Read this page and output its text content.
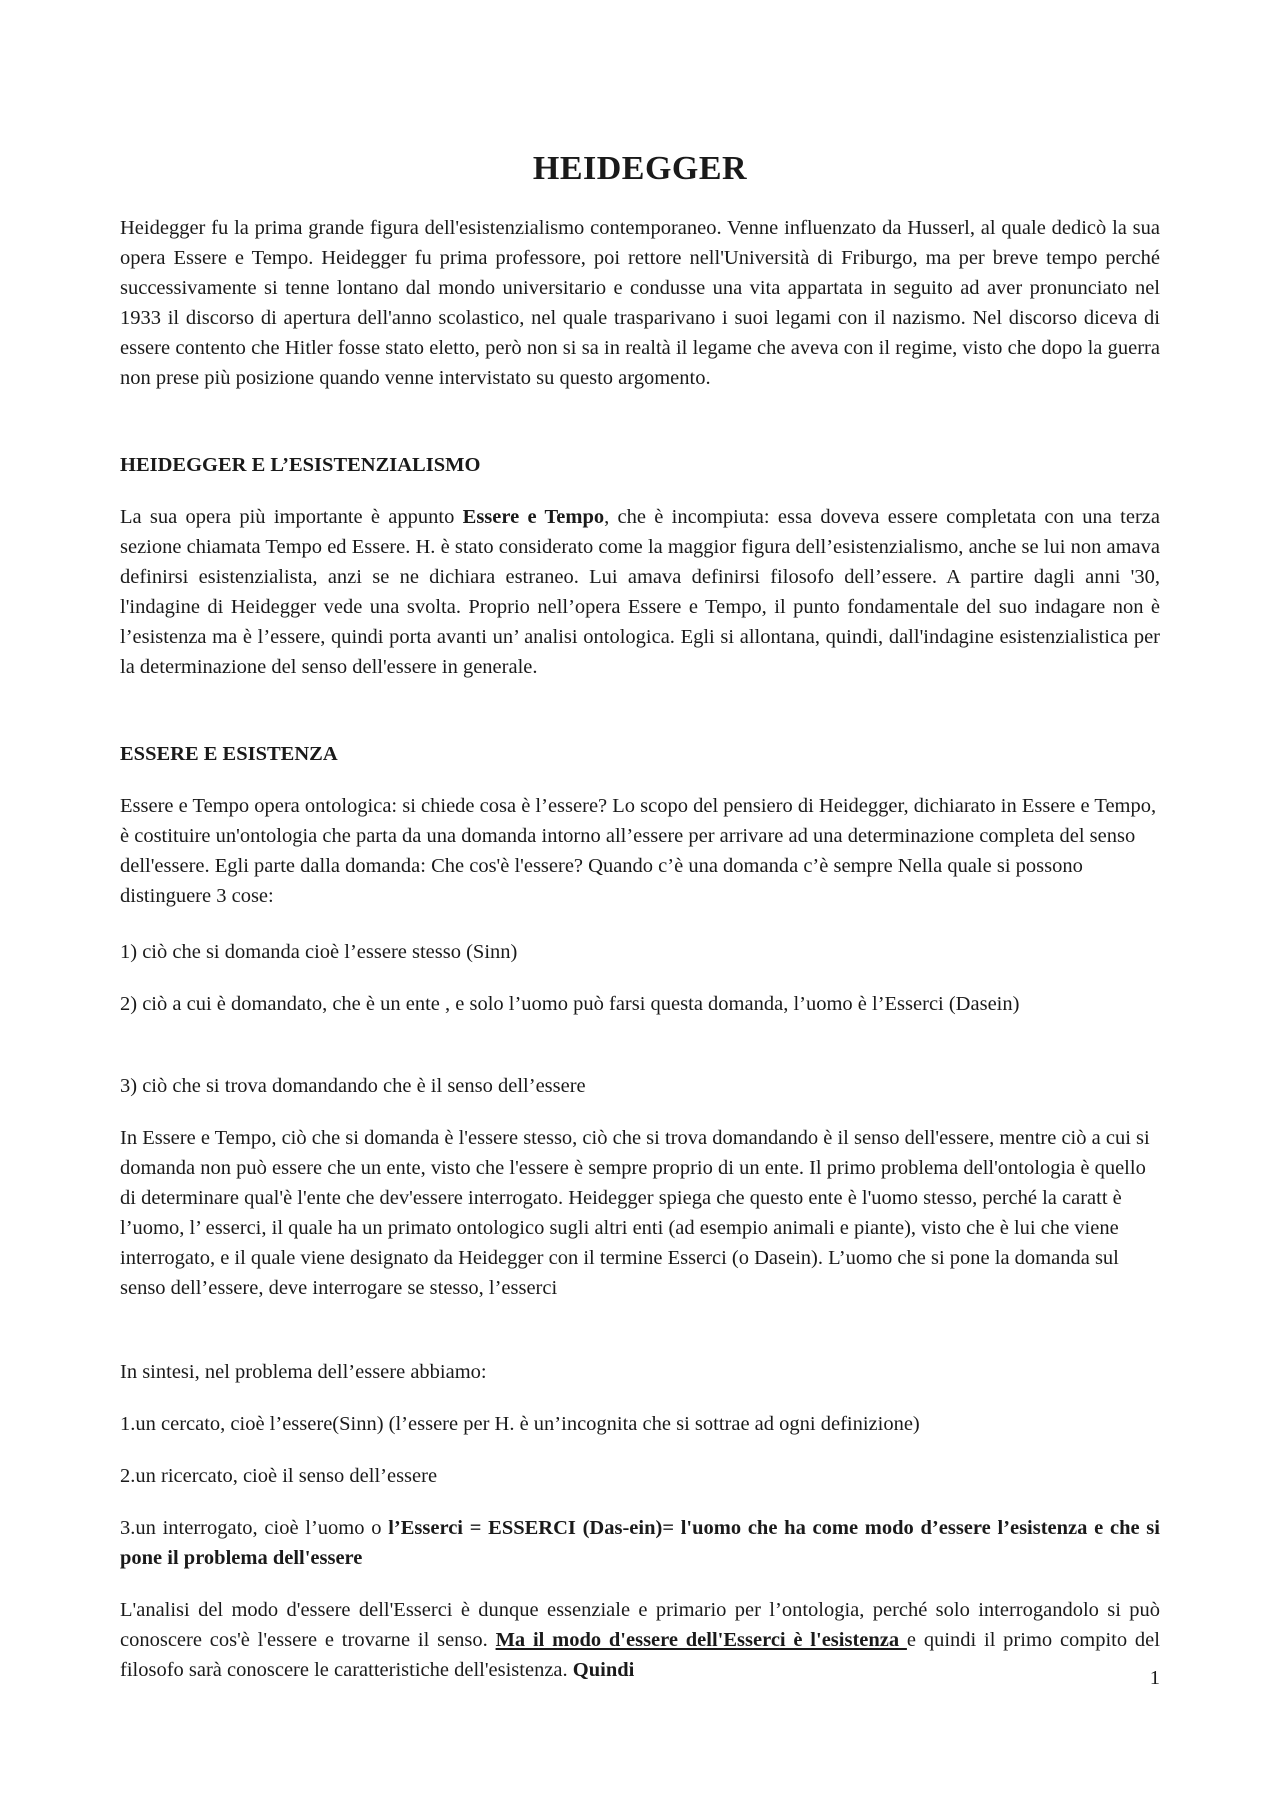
HEIDEGGER

Heidegger fu la prima grande figura dell'esistenzialismo contemporaneo. Venne influenzato da Husserl, al quale dedicò la sua opera Essere e Tempo. Heidegger fu prima professore, poi rettore nell'Università di Friburgo, ma per breve tempo perché successivamente si tenne lontano dal mondo universitario e condusse una vita appartata in seguito ad aver pronunciato nel 1933 il discorso di apertura dell'anno scolastico, nel quale trasparivano i suoi legami con il nazismo. Nel discorso diceva di essere contento che Hitler fosse stato eletto, però non si sa in realtà il legame che aveva con il regime, visto che dopo la guerra non prese più posizione quando venne intervistato su questo argomento.

HEIDEGGER E L’ESISTENZIALISMO

La sua opera più importante è appunto Essere e Tempo, che è incompiuta: essa doveva essere completata con una terza sezione chiamata Tempo ed Essere. H. è stato considerato come la maggior figura dell’esistenzialismo, anche se lui non amava definirsi esistenzialista, anzi se ne dichiara estraneo. Lui amava definirsi filosofo dell’essere. A partire dagli anni '30, l'indagine di Heidegger vede una svolta. Proprio nell’opera Essere e Tempo, il punto fondamentale del suo indagare non è l’esistenza ma è l’essere, quindi porta avanti un’ analisi ontologica. Egli si allontana, quindi, dall'indagine esistenzialistica per la determinazione del senso dell'essere in generale.

ESSERE E ESISTENZA

Essere e Tempo opera ontologica: si chiede cosa è l’essere? Lo scopo del pensiero di Heidegger, dichiarato in Essere e Tempo, è costituire un'ontologia che parta da una domanda intorno all’essere per arrivare ad una determinazione completa del senso dell'essere. Egli parte dalla domanda: Che cos'è l'essere? Quando c’è una domanda c’è sempre Nella quale si possono distinguere 3 cose:

1) ciò che si domanda cioè l’essere stesso (Sinn)

2) ciò a cui è domandato, che è un ente , e solo l’uomo può farsi questa domanda, l’uomo è l’Esserci (Dasein)

3) ciò che si trova domandando che è il senso dell’essere

In Essere e Tempo, ciò che si domanda è l'essere stesso, ciò che si trova domandando è il senso dell'essere, mentre ciò a cui si domanda non può essere che un ente, visto che l'essere è sempre proprio di un ente. Il primo problema dell'ontologia è quello di determinare qual'è l'ente che dev'essere interrogato. Heidegger spiega che questo ente è l'uomo stesso, perché la caratt è l’uomo, l’ esserci, il quale ha un primato ontologico sugli altri enti (ad esempio animali e piante), visto che è lui che viene interrogato, e il quale viene designato da Heidegger con il termine Esserci (o Dasein). L’uomo che si pone la domanda sul senso dell’essere, deve interrogare se stesso, l’esserci

In sintesi, nel problema dell’essere abbiamo:

1.un cercato, cioè l’essere(Sinn) (l’essere per H. è un’incognita che si sottrae ad ogni definizione)

2.un ricercato, cioè il senso dell’essere

3.un interrogato, cioè l’uomo o l’Esserci = ESSERCI (Das-ein)= l'uomo che ha come modo d’essere l’esistenza e che si pone il problema dell'essere

L'analisi del modo d'essere dell'Esserci è dunque essenziale e primario per l’ontologia, perché solo interrogandolo si può conoscere cos'è l'essere e trovarne il senso. Ma il modo d'essere dell'Esserci è l'esistenza e quindi il primo compito del filosofo sarà conoscere le caratteristiche dell'esistenza. Quindi	1
